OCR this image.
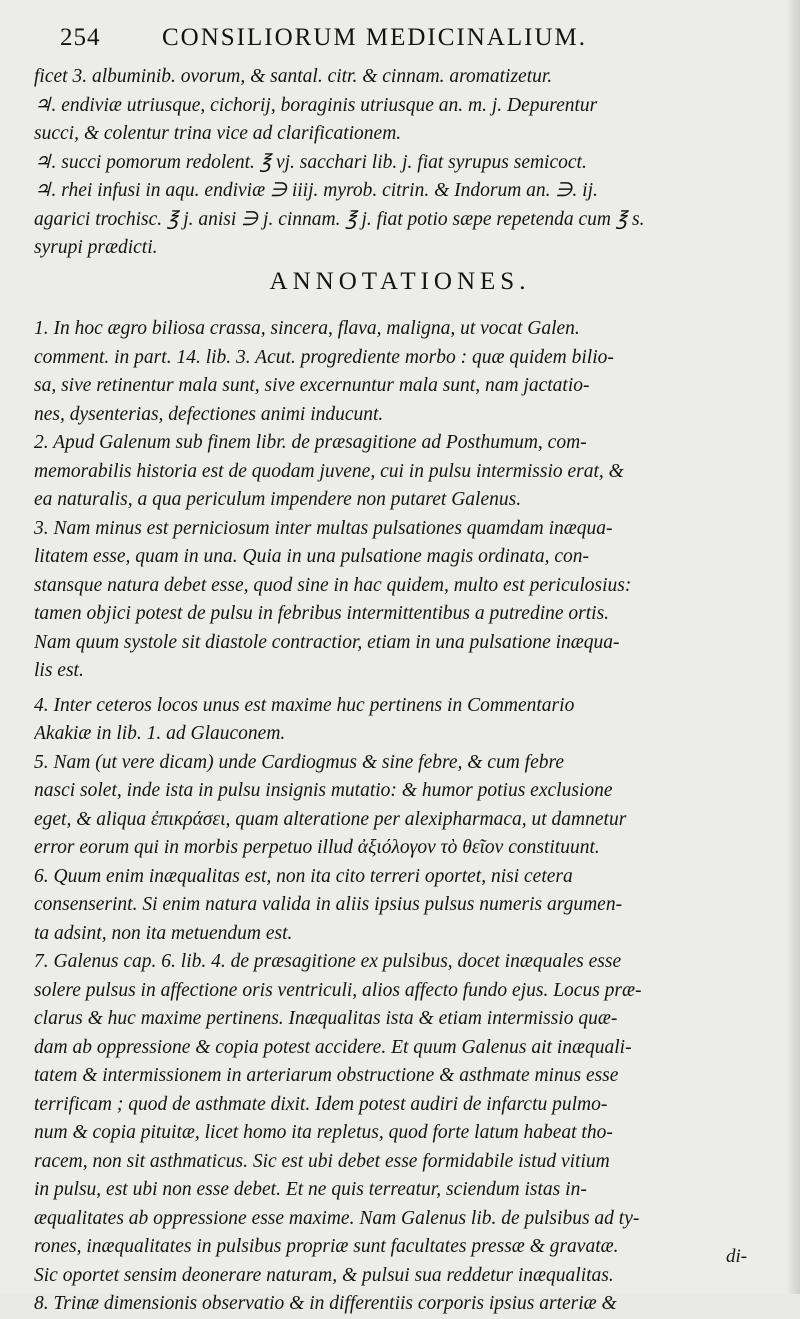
254 CONSILIORUM MEDICINALIUM.
ficet 3. albuminib. ovorum, & santal. citr. & cinnam. aromatizetur.
♃. endiviæ utriusque, cichorij, boraginis utriusque an. m. j. Depurentur
succi, & colentur trina vice ad clarificationem.
♃. succi pomorum redolent. ℥ vj. sacchari lib. j. fiat syrupus semicoct.
♃. rhei infusi in aqu. endiviæ ∋ iiij. myrob. citrin. & Indorum an. ∋. ij.
agarici trochisc. ℥ j. anisi ∋ j. cinnam. ℥ j. fiat potio sæpe repetenda cum ℥ s.
syrupi prædicti.
ANNOTATIONES.
1. In hoc ægro biliosa crassa, sincera, flava, maligna, ut vocat Galen.
comment. in part. 14. lib. 3. Acut. progrediente morbo : quæ quidem bilio-
sa, sive retinentur mala sunt, sive excernuntur mala sunt, nam jactatio-
nes, dysenterias, defectiones animi inducunt.
2. Apud Galenum sub finem libr. de præsagitione ad Posthumum, com-
memorabilis historia est de quodam juvene, cui in pulsu intermissio erat, &
ea naturalis, a qua periculum impendere non putaret Galenus.
3. Nam minus est perniciosum inter multas pulsationes quamdam inæqua-
litatem esse, quam in una. Quia in una pulsatione magis ordinata, con-
stansque natura debet esse, quod sine in hac quidem, multo est periculosius:
tamen objici potest de pulsu in febribus intermittentibus a putredine ortis.
Nam quum systole sit diastole contractior, etiam in una pulsatione inæqua-
lis est.
4. Inter ceteros locos unus est maxime huc pertinens in Commentario
Akakiæ in lib. 1. ad Glauconem.
5. Nam (ut vere dicam) unde Cardiogmus & sine febre, & cum febre
nasci solet, inde ista in pulsu insignis mutatio: & humor potius exclusione
eget, & aliqua ἐπικράσει, quam alteratione per alexipharmaca, ut damnetur
error eorum qui in morbis perpetuo illud ἀξιόλογον τὸ θεῖον constituunt.
6. Quum enim inæqualitas est, non ita cito terreri oportet, nisi cetera
consenserint. Si enim natura valida in aliis ipsius pulsus numeris argumen-
ta adsint, non ita metuendum est.
7. Galenus cap. 6. lib. 4. de præsagitione ex pulsibus, docet inæquales esse
solere pulsus in affectione oris ventriculi, alios affecto fundo ejus. Locus præ-
clarus & huc maxime pertinens. Inæqualitas ista & etiam intermissio quæ-
dam ab oppressione & copia potest accidere. Et quum Galenus ait inæquali-
tatem & intermissionem in arteriarum obstructione & asthmate minus esse
terrificam ; quod de asthmate dixit. Idem potest audiri de infarctu pulmo-
num & copia pituitæ, licet homo ita repletus, quod forte latum habeat tho-
racem, non sit asthmaticus. Sic est ubi debet esse formidabile istud vitium
in pulsu, est ubi non esse debet. Et ne quis terreatur, sciendum istas in-
æqualitates ab oppressione esse maxime. Nam Galenus lib. de pulsibus ad ty-
rones, inæqualitates in pulsibus propriæ sunt facultates pressæ & gravatæ.
Sic oportet sensim deonerare naturam, & pulsui sua reddetur inæqualitas.
8. Trinæ dimensionis observatio & in differentiis corporis ipsius arteriæ &
di-
